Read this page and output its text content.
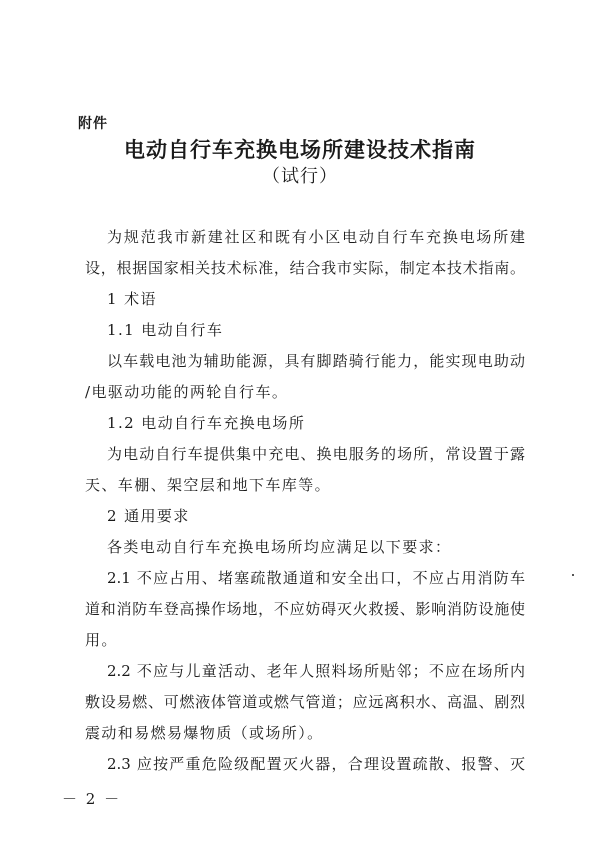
附件
电动自行车充换电场所建设技术指南
（试行）
为规范我市新建社区和既有小区电动自行车充换电场所建
设，根据国家相关技术标准，结合我市实际，制定本技术指南。
1 术语
1.1 电动自行车
以车载电池为辅助能源，具有脚踏骑行能力，能实现电助动
/电驱动功能的两轮自行车。
1.2 电动自行车充换电场所
为电动自行车提供集中充电、换电服务的场所，常设置于露
天、车棚、架空层和地下车库等。
2 通用要求
各类电动自行车充换电场所均应满足以下要求：
2.1 不应占用、堵塞疏散通道和安全出口，不应占用消防车
道和消防车登高操作场地，不应妨碍灭火救援、影响消防设施使
用。
2.2 不应与儿童活动、老年人照料场所贴邻；不应在场所内
敷设易燃、可燃液体管道或燃气管道；应远离积水、高温、剧烈
震动和易燃易爆物质（或场所）。
2.3 应按严重危险级配置灭火器，合理设置疏散、报警、灭
－ 2 －
